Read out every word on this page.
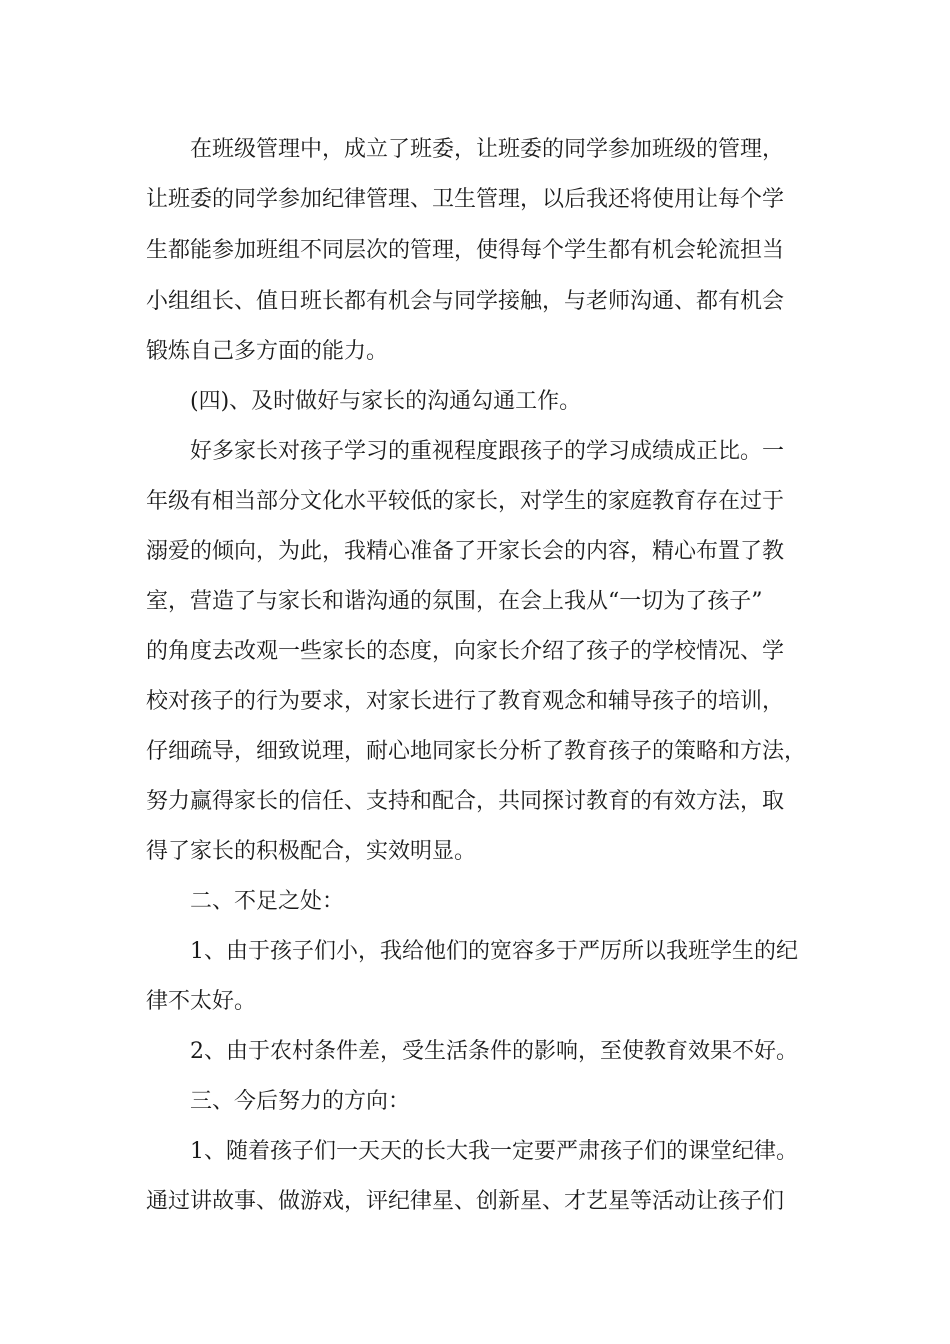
在班级管理中，成立了班委，让班委的同学参加班级的管理，
让班委的同学参加纪律管理、卫生管理，以后我还将使用让每个学
生都能参加班组不同层次的管理，使得每个学生都有机会轮流担当
小组组长、值日班长都有机会与同学接触，与老师沟通、都有机会
锻炼自己多方面的能力。
(四)、及时做好与家长的沟通勾通工作。
好多家长对孩子学习的重视程度跟孩子的学习成绩成正比。一
年级有相当部分文化水平较低的家长，对学生的家庭教育存在过于
溺爱的倾向，为此，我精心准备了开家长会的内容，精心布置了教
室，营造了与家长和谐沟通的氛围，在会上我从“一切为了孩子”
的角度去改观一些家长的态度，向家长介绍了孩子的学校情况、学
校对孩子的行为要求，对家长进行了教育观念和辅导孩子的培训，
仔细疏导，细致说理，耐心地同家长分析了教育孩子的策略和方法，
努力赢得家长的信任、支持和配合，共同探讨教育的有效方法，取
得了家长的积极配合，实效明显。
二、不足之处：
1、由于孩子们小，我给他们的宽容多于严厉所以我班学生的纪
律不太好。
2、由于农村条件差，受生活条件的影响，至使教育效果不好。
三、今后努力的方向：
1、随着孩子们一天天的长大我一定要严肃孩子们的课堂纪律。
通过讲故事、做游戏，评纪律星、创新星、才艺星等活动让孩子们
